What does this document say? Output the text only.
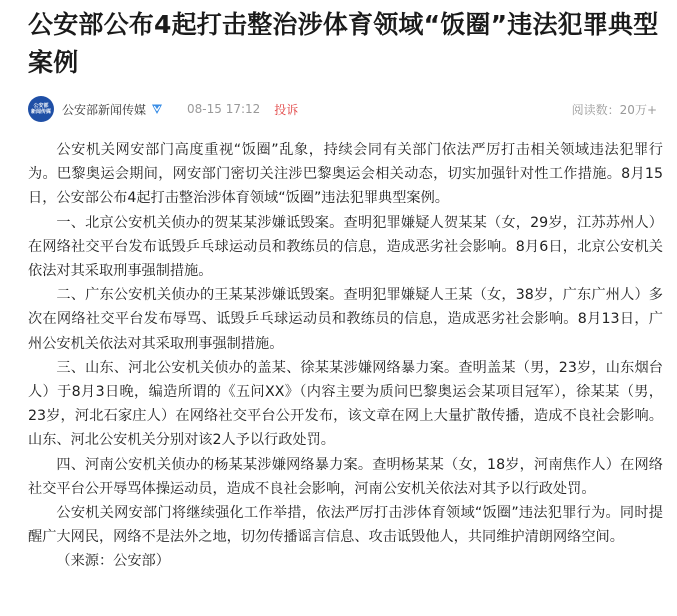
公安部公布4起打击整治涉体育领域“饭圈”违法犯罪典型案例
公安部
新闻传媒 公安部新闻传媒	08-15 17:12 投诉	阅读数：20万+

公安机关网安部门高度重视“饭圈”乱象，持续会同有关部门依法严厉打击相关领域违法犯罪行为。巴黎奥运会期间，网安部门密切关注涉巴黎奥运会相关动态，切实加强针对性工作措施。8月15日，公安部公布4起打击整治涉体育领域“饭圈”违法犯罪典型案例。

一、北京公安机关侦办的贺某某涉嫌诋毁案。查明犯罪嫌疑人贺某某（女，29岁，江苏苏州人）在网络社交平台发布诋毁乒乓球运动员和教练员的信息，造成恶劣社会影响。8月6日，北京公安机关依法对其采取刑事强制措施。

二、广东公安机关侦办的王某某涉嫌诋毁案。查明犯罪嫌疑人王某（女，38岁，广东广州人）多次在网络社交平台发布辱骂、诋毁乒乓球运动员和教练员的信息，造成恶劣社会影响。8月13日，广州公安机关依法对其采取刑事强制措施。

三、山东、河北公安机关侦办的盖某、徐某某涉嫌网络暴力案。查明盖某（男，23岁，山东烟台人）于8月3日晚，编造所谓的《五问XX》（内容主要为质问巴黎奥运会某项目冠军），徐某某（男，23岁，河北石家庄人）在网络社交平台公开发布，该文章在网上大量扩散传播，造成不良社会影响。山东、河北公安机关分别对该2人予以行政处罚。

四、河南公安机关侦办的杨某某涉嫌网络暴力案。查明杨某某（女，18岁，河南焦作人）在网络社交平台公开辱骂体操运动员，造成不良社会影响，河南公安机关依法对其予以行政处罚。

公安机关网安部门将继续强化工作举措，依法严厉打击涉体育领域“饭圈”违法犯罪行为。同时提醒广大网民，网络不是法外之地，切勿传播谣言信息、攻击诋毁他人，共同维护清朗网络空间。

（来源：公安部）
